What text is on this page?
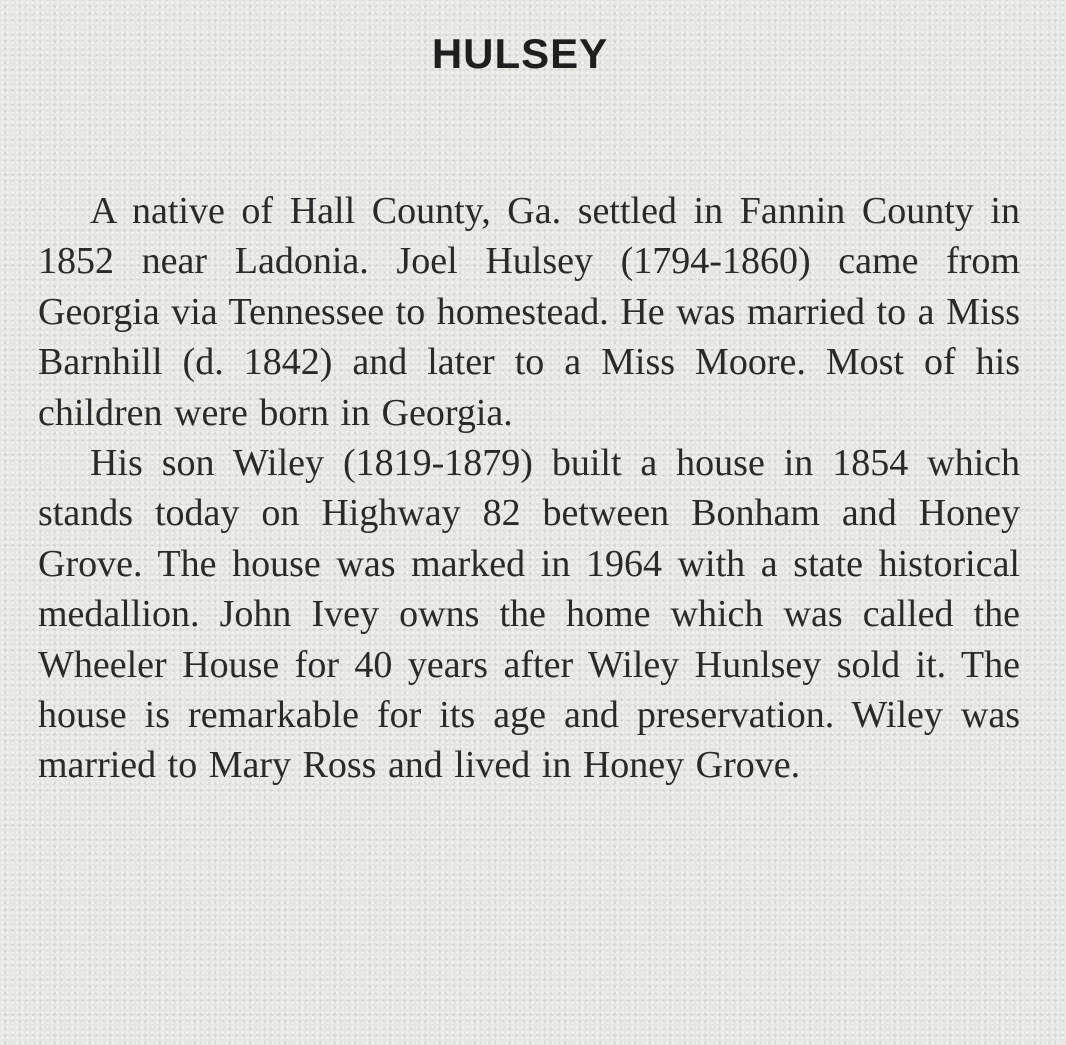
HULSEY

A native of Hall County, Ga. settled in Fannin County in 1852 near Ladonia. Joel Hulsey (1794-1860) came from Georgia via Tennessee to homestead. He was married to a Miss Barnhill (d. 1842) and later to a Miss Moore. Most of his children were born in Georgia.

His son Wiley (1819-1879) built a house in 1854 which stands today on Highway 82 between Bonham and Honey Grove. The house was marked in 1964 with a state historical medallion. John Ivey owns the home which was called the Wheeler House for 40 years after Wiley Hunlsey sold it. The house is remarkable for its age and preservation. Wiley was married to Mary Ross and lived in Honey Grove.
